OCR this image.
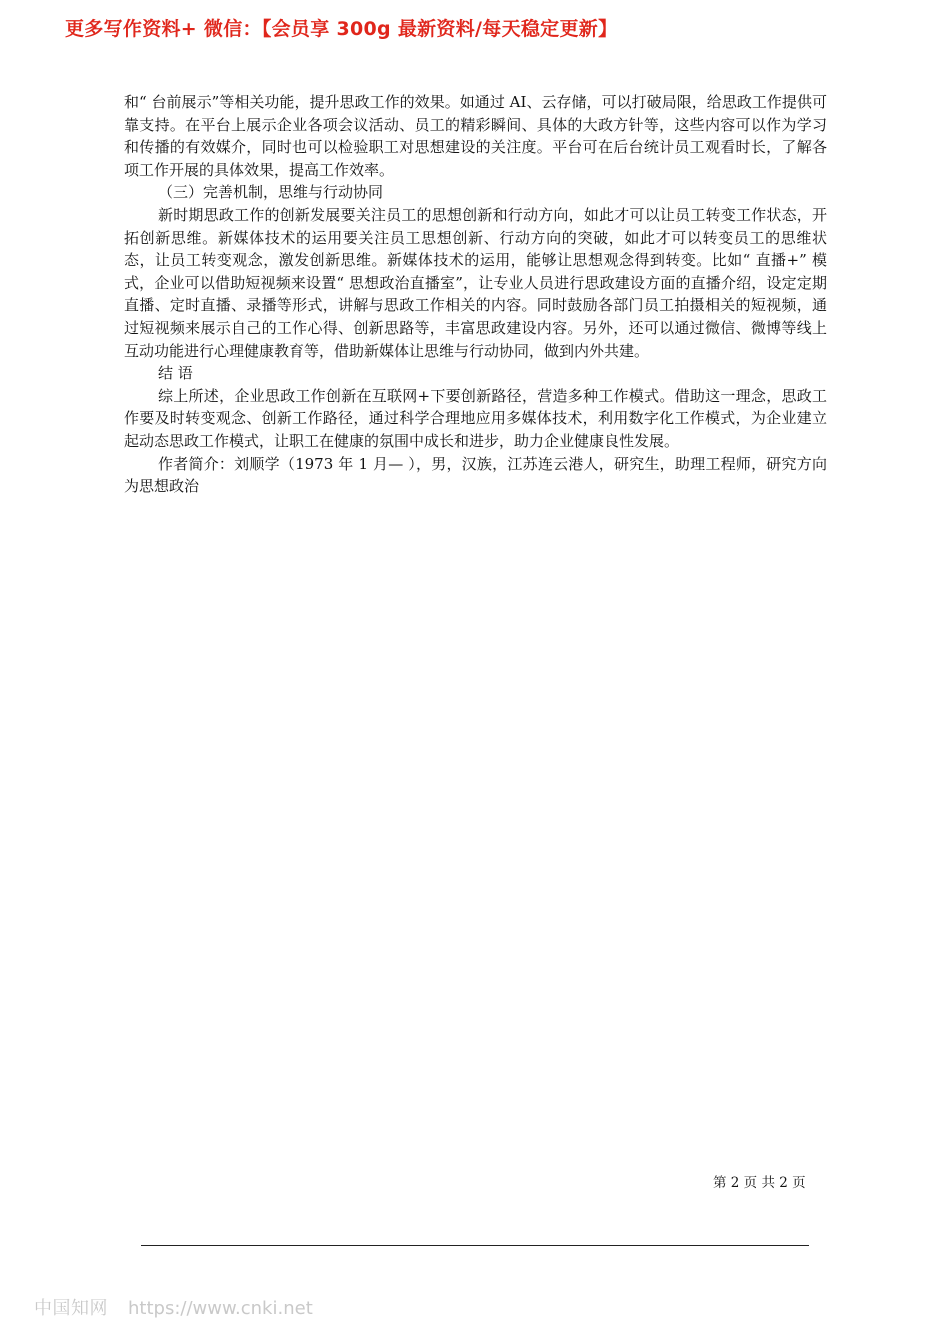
更多写作资料+ 微信：【会员享 300g 最新资料/每天稳定更新】

和“ 台前展示”等相关功能，提升思政工作的效果。如通过 AI、云存储，可以打破局限，给思政工作提供可靠支持。在平台上展示企业各项会议活动、员工的精彩瞬间、具体的大政方针等，这些内容可以作为学习和传播的有效媒介，同时也可以检验职工对思想建设的关注度。平台可在后台统计员工观看时长，了解各项工作开展的具体效果，提高工作效率。

（三）完善机制，思维与行动协同

新时期思政工作的创新发展要关注员工的思想创新和行动方向，如此才可以让员工转变工作状态，开拓创新思维。新媒体技术的运用要关注员工思想创新、行动方向的突破，如此才可以转变员工的思维状态，让员工转变观念，激发创新思维。新媒体技术的运用，能够让思想观念得到转变。比如“ 直播+” 模式，企业可以借助短视频来设置“ 思想政治直播室”，让专业人员进行思政建设方面的直播介绍，设定定期直播、定时直播、录播等形式，讲解与思政工作相关的内容。同时鼓励各部门员工拍摄相关的短视频，通过短视频来展示自己的工作心得、创新思路等，丰富思政建设内容。另外，还可以通过微信、微博等线上互动功能进行心理健康教育等，借助新媒体让思维与行动协同，做到内外共建。

结 语

综上所述，企业思政工作创新在互联网+下要创新路径，营造多种工作模式。借助这一理念，思政工作要及时转变观念、创新工作路径，通过科学合理地应用多媒体技术，利用数字化工作模式，为企业建立起动态思政工作模式，让职工在健康的氛围中成长和进步，助力企业健康良性发展。

作者简介：刘顺学（1973 年 1 月— ），男，汉族，江苏连云港人，研究生，助理工程师，研究方向为思想政治

第 2 页 共 2 页
中国知网 https://www.cnki.net
